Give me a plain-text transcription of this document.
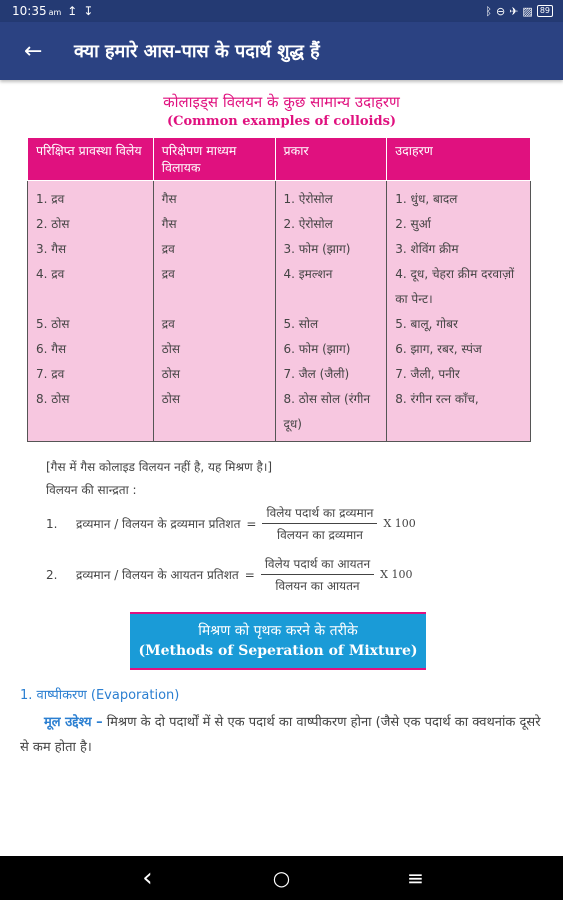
10:35 am ↥ ↧	ᛒ ⊖ ✈ ▨ 89
←	क्या हमारे आस-पास के पदार्थ शुद्ध हैं
कोलाइड्स विलयन के कुछ सामान्य उदाहरण
(Common examples of colloids)
परिक्षिप्त प्रावस्था विलेय	परिक्षेपण माध्यम विलायक	प्रकार	उदाहरण
1. द्रव	गैस	1. ऐरोसोल	1. धुंध, बादल
2. ठोस	गैस	2. ऐरोसोल	2. सुर्आ
3. गैस	द्रव	3. फोम (झाग)	3. शेविंग क्रीम
4. द्रव	द्रव	4. इमल्शन	4. दूध, चेहरा क्रीम दरवाज़ों का पेन्ट।
5. ठोस	द्रव	5. सोल	5. बालू, गोबर
6. गैस	ठोस	6. फोम (झाग)	6. झाग, रबर, स्पंज
7. द्रव	ठोस	7. जैल (जैली)	7. जैली, पनीर
8. ठोस	ठोस	8. ठोस सोल (रंगीन दूध)	8. रंगीन रत्न काँच,
[गैस में गैस कोलाइड विलयन नहीं है, यह मिश्रण है।]
विलयन की सान्द्रता :
1.	द्रव्यमान / विलयन के द्रव्यमान प्रतिशत = $\frac{\text{विलेय पदार्थ का द्रव्यमान}}{\text{विलयन का द्रव्यमान}}$ X 100
2.	द्रव्यमान / विलयन के आयतन प्रतिशत = $\frac{\text{विलेय पदार्थ का आयतन}}{\text{विलयन का आयतन}}$ X 100
मिश्रण को पृथक करने के तरीके
(Methods of Seperation of Mixture)
1. वाष्पीकरण (Evaporation)
मूल उद्देश्य – मिश्रण के दो पदार्थों में से एक पदार्थ का वाष्पीकरण होना (जैसे एक पदार्थ का क्वथनांक दूसरे से कम होता है।
‹	○	≡
